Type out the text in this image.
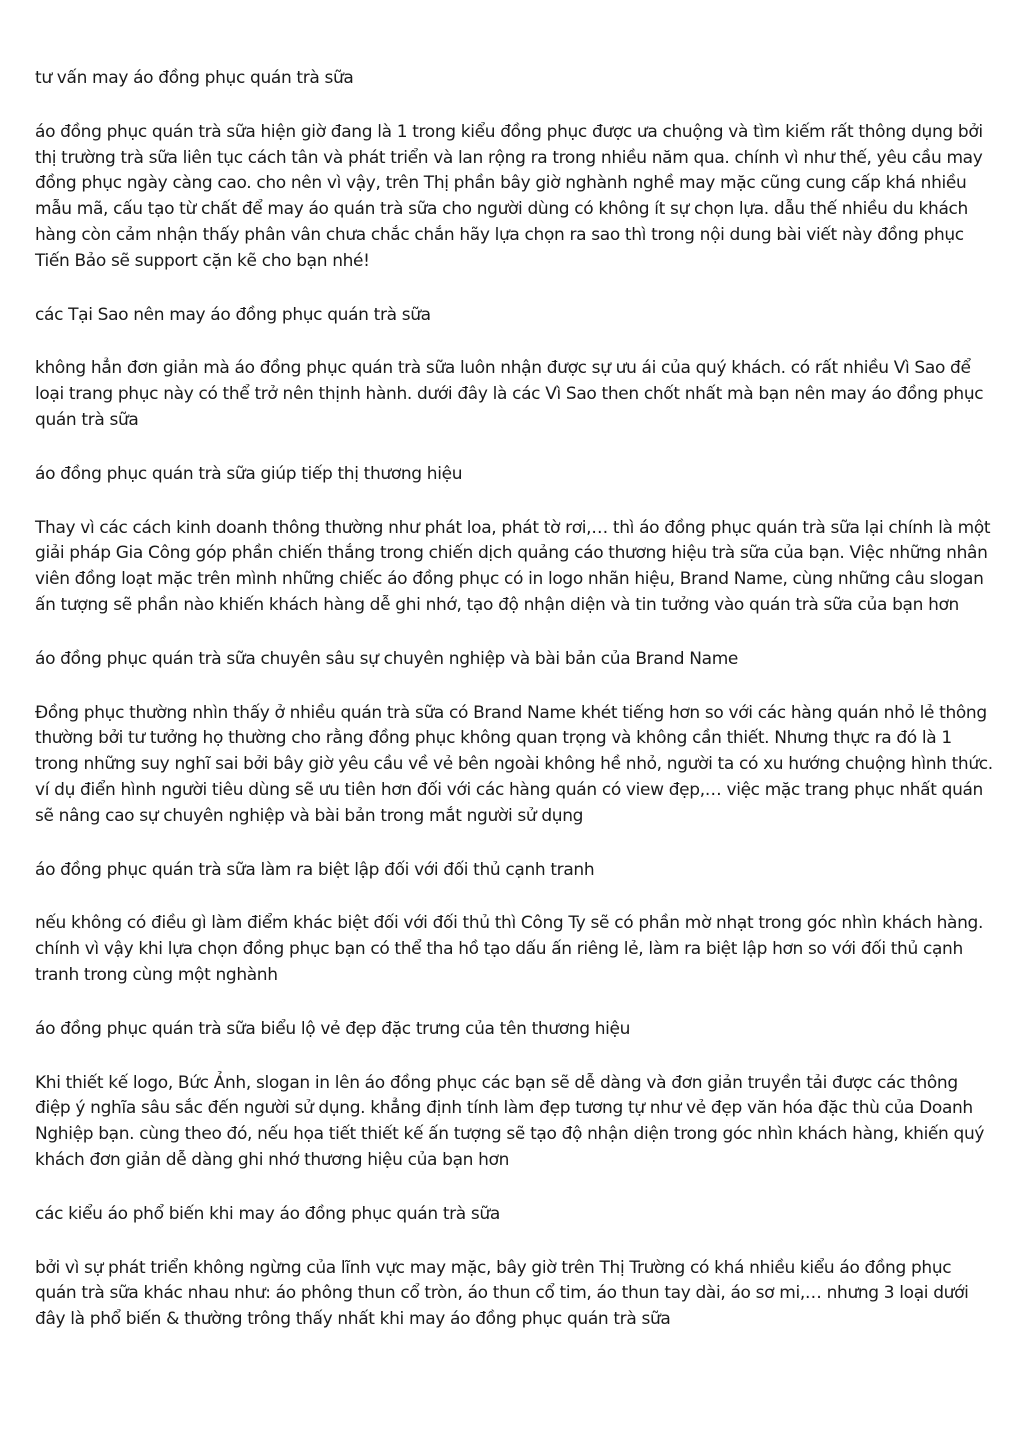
tư vấn may áo đồng phục quán trà sữa

áo đồng phục quán trà sữa hiện giờ đang là 1 trong kiểu đồng phục được ưa chuộng và tìm kiếm rất thông dụng bởi thị trường trà sữa liên tục cách tân và phát triển và lan rộng ra trong nhiều năm qua. chính vì như thế, yêu cầu may đồng phục ngày càng cao. cho nên vì vậy, trên Thị phần bây giờ nghành nghề may mặc cũng cung cấp khá nhiều mẫu mã, cấu tạo từ chất để may áo quán trà sữa cho người dùng có không ít sự chọn lựa. dẫu thế nhiều du khách hàng còn cảm nhận thấy phân vân chưa chắc chắn hãy lựa chọn ra sao thì trong nội dung bài viết này đồng phục Tiến Bảo sẽ support cặn kẽ cho bạn nhé!

các Tại Sao nên may áo đồng phục quán trà sữa

không hẳn đơn giản mà áo đồng phục quán trà sữa luôn nhận được sự ưu ái của quý khách. có rất nhiều Vì Sao để loại trang phục này có thể trở nên thịnh hành. dưới đây là các Vì Sao then chốt nhất mà bạn nên may áo đồng phục quán trà sữa

áo đồng phục quán trà sữa giúp tiếp thị thương hiệu

Thay vì các cách kinh doanh thông thường như phát loa, phát tờ rơi,… thì áo đồng phục quán trà sữa lại chính là một giải pháp Gia Công góp phần chiến thắng trong chiến dịch quảng cáo thương hiệu trà sữa của bạn. Việc những nhân viên đồng loạt mặc trên mình những chiếc áo đồng phục có in logo nhãn hiệu, Brand Name, cùng những câu slogan ấn tượng sẽ phần nào khiến khách hàng dễ ghi nhớ, tạo độ nhận diện và tin tưởng vào quán trà sữa của bạn hơn

áo đồng phục quán trà sữa chuyên sâu sự chuyên nghiệp và bài bản của Brand Name

Đồng phục thường nhìn thấy ở nhiều quán trà sữa có Brand Name khét tiếng hơn so với các hàng quán nhỏ lẻ thông thường bởi tư tưởng họ thường cho rằng đồng phục không quan trọng và không cần thiết. Nhưng thực ra đó là 1 trong những suy nghĩ sai bởi bây giờ yêu cầu về vẻ bên ngoài không hề nhỏ, người ta có xu hướng chuộng hình thức. ví dụ điển hình người tiêu dùng sẽ ưu tiên hơn đối với các hàng quán có view đẹp,… việc mặc trang phục nhất quán sẽ nâng cao sự chuyên nghiệp và bài bản trong mắt người sử dụng

áo đồng phục quán trà sữa làm ra biệt lập đối với đối thủ cạnh tranh

nếu không có điều gì làm điểm khác biệt đối với đối thủ thì Công Ty sẽ có phần mờ nhạt trong góc nhìn khách hàng. chính vì vậy khi lựa chọn đồng phục bạn có thể tha hồ tạo dấu ấn riêng lẻ, làm ra biệt lập hơn so với đối thủ cạnh tranh trong cùng một nghành

áo đồng phục quán trà sữa biểu lộ vẻ đẹp đặc trưng của tên thương hiệu

Khi thiết kế logo, Bức Ảnh, slogan in lên áo đồng phục các bạn sẽ dễ dàng và đơn giản truyền tải được các thông điệp ý nghĩa sâu sắc đến người sử dụng. khẳng định tính làm đẹp tương tự như vẻ đẹp văn hóa đặc thù của Doanh Nghiệp bạn. cùng theo đó, nếu họa tiết thiết kế ấn tượng sẽ tạo độ nhận diện trong góc nhìn khách hàng, khiến quý khách đơn giản dễ dàng ghi nhớ thương hiệu của bạn hơn

các kiểu áo phổ biến khi may áo đồng phục quán trà sữa

bởi vì sự phát triển không ngừng của lĩnh vực may mặc, bây giờ trên Thị Trường có khá nhiều kiểu áo đồng phục quán trà sữa khác nhau như: áo phông thun cổ tròn, áo thun cổ tim, áo thun tay dài, áo sơ mi,… nhưng 3 loại dưới đây là phổ biến & thường trông thấy nhất khi may áo đồng phục quán trà sữa
